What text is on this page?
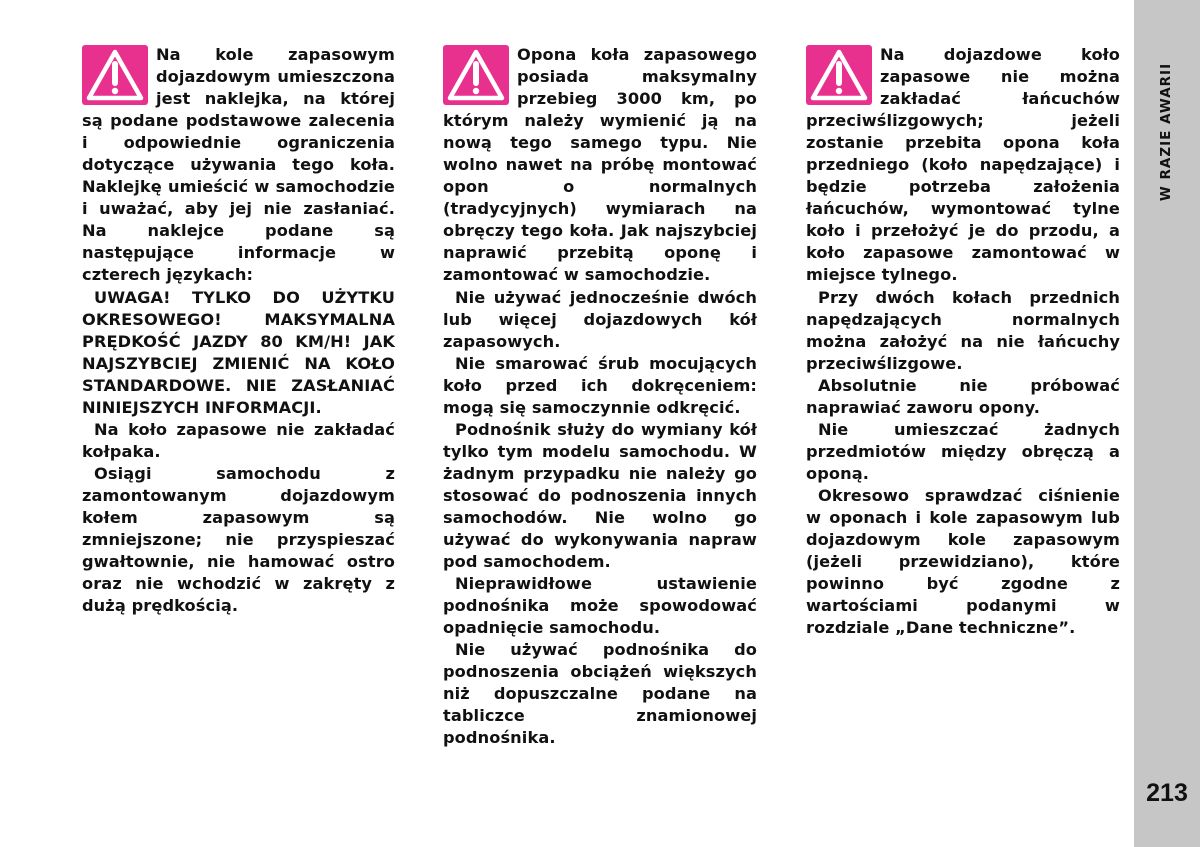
Na kole zapasowym dojazdowym umieszczona jest naklejka, na której są podane podstawowe zalecenia i odpowiednie ograniczenia dotyczące używania tego koła. Naklejkę umieścić w samochodzie i uważać, aby jej nie zasłaniać. Na naklejce podane są następujące informacje w czterech językach:

UWAGA! TYLKO DO UŻYTKU OKRESOWEGO! MAKSYMALNA PRĘDKOŚĆ JAZDY 80 KM/H! JAK NAJSZYBCIEJ ZMIENIĆ NA KOŁO STANDARDOWE. NIE ZASŁANIAĆ NINIEJSZYCH INFORMACJI.

Na koło zapasowe nie zakładać kołpaka.

Osiągi samochodu z zamontowanym dojazdowym kołem zapasowym są zmniejszone; nie przyspieszać gwałtownie, nie hamować ostro oraz nie wchodzić w zakręty z dużą prędkością.

Opona koła zapasowego posiada maksymalny przebieg 3000 km, po którym należy wymienić ją na nową tego samego typu. Nie wolno nawet na próbę montować opon o normalnych (tradycyjnych) wymiarach na obręczy tego koła. Jak najszybciej naprawić przebitą oponę i zamontować w samochodzie.

Nie używać jednocześnie dwóch lub więcej dojazdowych kół zapasowych.

Nie smarować śrub mocujących koło przed ich dokręceniem: mogą się samoczynnie odkręcić.

Podnośnik służy do wymiany kół tylko tym modelu samochodu. W żadnym przypadku nie należy go stosować do podnoszenia innych samochodów. Nie wolno go używać do wykonywania napraw pod samochodem.

Nieprawidłowe ustawienie podnośnika może spowodować opadnięcie samochodu.

Nie używać podnośnika do podnoszenia obciążeń większych niż dopuszczalne podane na tabliczce znamionowej podnośnika.

Na dojazdowe koło zapasowe nie można zakładać łańcuchów przeciwślizgowych; jeżeli zostanie przebita opona koła przedniego (koło napędzające) i będzie potrzeba założenia łańcuchów, wymontować tylne koło i przełożyć je do przodu, a koło zapasowe zamontować w miejsce tylnego.

Przy dwóch kołach przednich napędzających normalnych można założyć na nie łańcuchy przeciwślizgowe.

Absolutnie nie próbować naprawiać zaworu opony.

Nie umieszczać żadnych przedmiotów między obręczą a oponą.

Okresowo sprawdzać ciśnienie w oponach i kole zapasowym lub dojazdowym kole zapasowym (jeżeli przewidziano), które powinno być zgodne z wartościami podanymi w rozdziale „Dane techniczne”.

W RAZIE AWARII
213
